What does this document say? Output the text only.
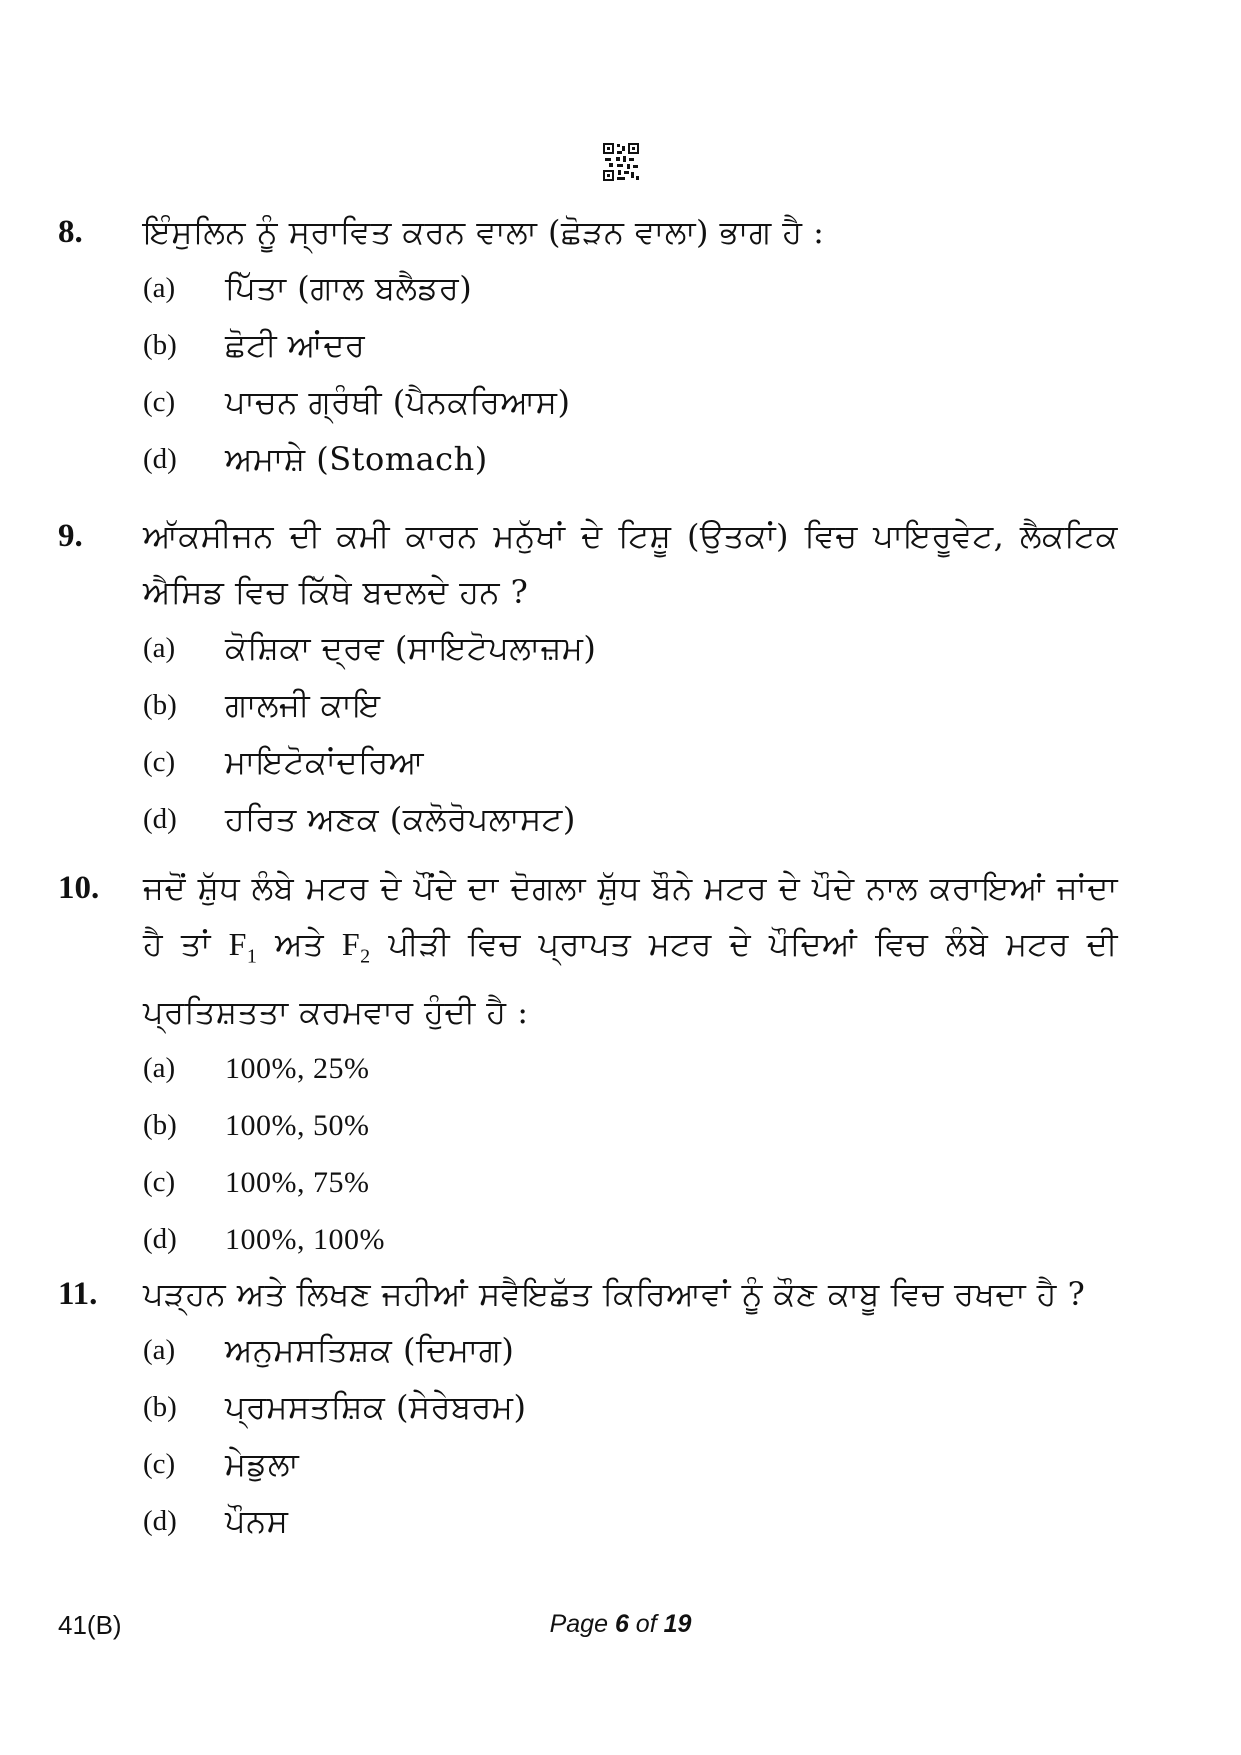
8. ਇੰਸੁਲਿਨ ਨੂੰ ਸ੍ਰਾਵਿਤ ਕਰਨ ਵਾਲਾ (ਛੋੜਨ ਵਾਲਾ) ਭਾਗ ਹੈ :
(a) ਪਿੱਤਾ (ਗਾਲ ਬਲੈਡਰ)
(b) ਛੋਟੀ ਆਂਦਰ
(c) ਪਾਚਨ ਗ੍ਰੰਥੀ (ਪੈਨਕਰਿਆਸ)
(d) ਅਮਾਸ਼ੇ (Stomach)
9. ਆੱਕਸੀਜਨ ਦੀ ਕਮੀ ਕਾਰਨ ਮਨੁੱਖਾਂ ਦੇ ਟਿਸ਼ੂ (ਉਤਕਾਂ) ਵਿਚ ਪਾਇਰੂਵੇਟ, ਲੈਕਟਿਕ ਐਸਿਡ ਵਿਚ ਕਿੱਥੇ ਬਦਲਦੇ ਹਨ ?
(a) ਕੋਸ਼ਿਕਾ ਦ੍ਰਵ (ਸਾਇਟੋਪਲਾਜ਼ਮ)
(b) ਗਾਲਜੀ ਕਾਇ
(c) ਮਾਇਟੋਕਾਂਦਰਿਆ
(d) ਹਰਿਤ ਅਣਕ (ਕਲੋਰੋਪਲਾਸਟ)
10. ਜਦੋਂ ਸ਼ੁੱਧ ਲੰਬੇ ਮਟਰ ਦੇ ਪੌਂਦੇ ਦਾ ਦੋਗਲਾ ਸ਼ੁੱਧ ਬੌਨੇ ਮਟਰ ਦੇ ਪੌਦੇ ਨਾਲ ਕਰਾਇਆਂ ਜਾਂਦਾ ਹੈ ਤਾਂ $F_1$ ਅਤੇ $F_2$ ਪੀੜੀ ਵਿਚ ਪ੍ਰਾਪਤ ਮਟਰ ਦੇ ਪੌਦਿਆਂ ਵਿਚ ਲੰਬੇ ਮਟਰ ਦੀ ਪ੍ਰਤਿਸ਼ਤਤਾ ਕਰਮਵਾਰ ਹੁੰਦੀ ਹੈ :
(a) 100%, 25%
(b) 100%, 50%
(c) 100%, 75%
(d) 100%, 100%
11. ਪੜ੍ਹਨ ਅਤੇ ਲਿਖਣ ਜਹੀਆਂ ਸਵੈਇਛੱਤ ਕਿਰਿਆਵਾਂ ਨੂੰ ਕੌਣ ਕਾਬੂ ਵਿਚ ਰਖਦਾ ਹੈ ?
(a) ਅਨੁਮਸਤਿਸ਼ਕ (ਦਿਮਾਗ)
(b) ਪ੍ਰਮਸਤਸ਼ਿਕ (ਸੇਰੇਬਰਮ)
(c) ਮੇਡੁਲਾ
(d) ਪੌਨਸ
41(B)	Page 6 of 19
